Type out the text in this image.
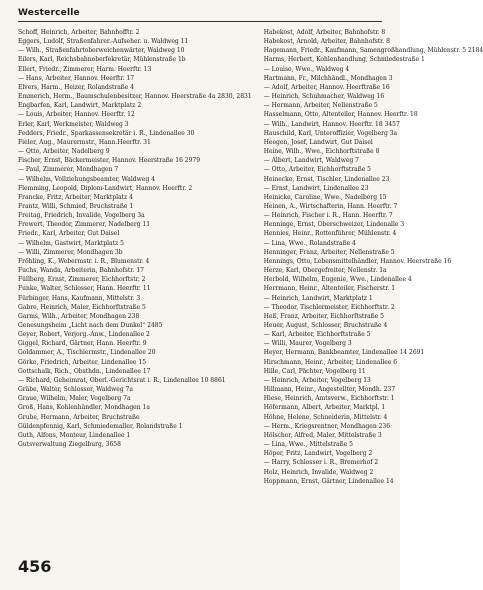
Westercelle
Schoff, Heinrich, Arbeiter, Bahnhofftr. 2
Eggers, Ludolf, Straßenfahrer.-Aufseher. u. Waldweg 11
— Wilh., Straßenfahrtoberweichenwärter, Waldweg 10
Eilers, Karl, Reichsbahnoberfekretär, Mühlenstraße 1b
Ellert, Friedr., Zimmerer, Harm. Heerftr. 13
— Hans, Arbeiter, Hannov. Heerftr. 17
Elvers, Harm., Heizer, Rolandstraße 4
Emmerich, Herm., Baumschulenbesitzer, Hannov. Heerstraße 4a 2830, 2831
Engbarfen, Karl, Landwirt, Marktplatz 2
— Louis, Arbeiter, Hannov. Heerftr. 12
Erler, Karl, Werkmeister, Waldweg 3
Fedders, Friedr., Sparkassensekretär i. R., Lindenallee 30
Fieler, Aug., Maurermstr., Hann.Heerftr. 31
— Otto, Arbeiter, Nadelberg 9
Fischer, Ernst, Bäckermeister, Hannov. Heerstraße 16 2979
— Paul, Zimmerer, Mondhagen 7
— Wilhelm, Vollziehungsbeamter, Waldweg 4
Flemming, Leopold, Diplom-Landwirt, Hannov. Heerftr. 2
Francke, Fritz, Arbeiter, Marktplatz 4
Frantz, Willi, Schmied, Bruchstraße 1
Freitag, Friedrich, Invalide, Vogelberg 3a
Frewert, Theodor, Zimmerer, Nadelberg 11
Friedr., Karl, Arbeiter, Gut Daisel
— Wilhelm, Gastwirt, Marktplatz 5
— Willi, Zimmerer, Mondhagen 3b
Fröhling, K., Webermstr. i. R., Blumenstr. 4
Fuchs, Wanda, Arbeiterin, Bahnhofstr. 17
Füllberg, Ernst, Zimmerer, Eichhorftstr. 2
Funke, Walter, Schlosser, Hann. Heerftr. 11
Fürbinger, Hans, Kaufmann, Mittelstr. 3
Gabre, Heinrich, Maler, Eichhorftstraße 5
Garms, Wilh., Arbeiter, Mondhagen 238
Genesungsheim „Licht nach dem Dunkel“ 2485
Geyer, Robert, Verjorg.-Anw., Lindenallee 2
Giggel, Richard, Gärtner, Hann. Heerftr. 9
Goldammer, A., Tischlermstr., Lindenallee 20
Görke, Friedrich, Arbeiter, Lindenallee 15
Gottschalk, Rich., Obsthdn., Lindenallee 17
— Richard, Geheimrat, Oberl.-Gerichtsrat i. R., Lindenallee 10 8861
Gräbe, Walter, Schlosser, Waldweg 7a
Graue, Wilhelm, Maler, Vogelberg 7a
Groß, Hans, Kohlenhändler, Mondhagen 1a
Grube, Hermann, Arbeiter, Bruchstraße
Güldenpfennig, Karl, Schmiedemaller, Rolandstraße 1
Guth, Alfons, Monteur, Lindenallee 1
Gutsverwaltung Ziegelburg, 3658
Habekost, Adolf, Arbeiter, Bahnhofstr. 8
Habekost, Arnold, Arbeiter, Bahnhofstr. 8
Hagemann, Friedr., Kaufmann, Samengroßhandlung, Mühlenstr. 5 2184
Harms, Herbert, Kohlenhandlung, Schmiedestraße 1
— Louise, Wwe., Waldweg 4
Hartmann, Fr., Milchhändl., Mondhagen 3
— Adolf, Arbeiter, Hannov. Heerftraße 16
— Heinrich, Schuhmacher, Waldweg 16
— Hermann, Arbeiter, Nellenstraße 5
Hasselmann, Otto, Altenteiler, Hannov. Heerftr. 18
— Wilh., Landwirt, Hannov. Heerftr. 18 3457
Hauschild, Karl, Unteroffizier, Vogelberg 3a
Heegen, Josef, Landwirt, Gut Daisel
Heine, Wilh., Wwe., Eichhorftstraße 8
— Albert, Landwirt, Waldweg 7
— Otto, Arbeiter, Eichhorftstraße 5
Heinecke, Ernst, Tischler, Lindenallee 23
— Ernst, Landwirt, Lindenallee 23
Heinicke, Caroline, Wwe., Nadelberg 15
Heinen, A., Wirtschafterin, Hann. Heerftr. 7
— Heinrich, Fischer i. R., Hann. Heerftr. 7
Henninge, Ernst, Oberschweizer, Lindenalle 3
Hennies, Heinr., Rottenführer, Mühlenstr. 4
— Lina, Wwe., Rolandstraße 4
Henninger, Franz, Arbeiter, Nellenstraße 5
Hennings, Otto, Lebensmittelhändler, Hannov. Heerstraße 16
Herze, Karl, Obergefreiter, Nellenstr. 1a
Herbold, Wilhelm, Eugenie, Wwe., Lindenallee 4
Herrmann, Heinr., Altenteiler, Fischerstr. 1
— Heinrich, Landwirt, Marktplatz 1
— Theodor, Tischlermeister, Eichhorftstr. 2
Heß, Franz, Arbeiter, Eichhorftstraße 5
Heuer, August, Schlosser, Bruchstraße 4
— Karl, Arbeiter, Eichhorftstraße 5
— Willi, Maurer, Vogelberg 3
Heyer, Hermann, Bankbeamter, Lindenallee 14 2691
Hirschmann, Heinr., Arbeiter, Lindenallee 6
Hille, Carl, Pächter, Vogelberg 11
— Heinrich, Arbeiter, Vogelberg 13
Hillmann, Heinr., Angestellter, Mondh. 237
Hiese, Heinrich, Amtsverw., Eichhorftstr. 1
Höfermann, Albert, Arbeiter, Marktpl. 1
Höhne, Helene, Schneiderin, Mittelstr. 4
— Herm., Kriegsrentner, Mondhagen 236
Hölscher, Alfred, Maler, Mittelstraße 3
— Lina, Wwe., Mittelstraße 5
Höper, Fritz, Landwirt, Vogelberg 2
— Harry, Schlosser i. R., Bremerhof 2
Holz, Heinrich, Invalide, Waldweg 2
Hoppmann, Ernst, Gärtner, Lindenallee 14
456
